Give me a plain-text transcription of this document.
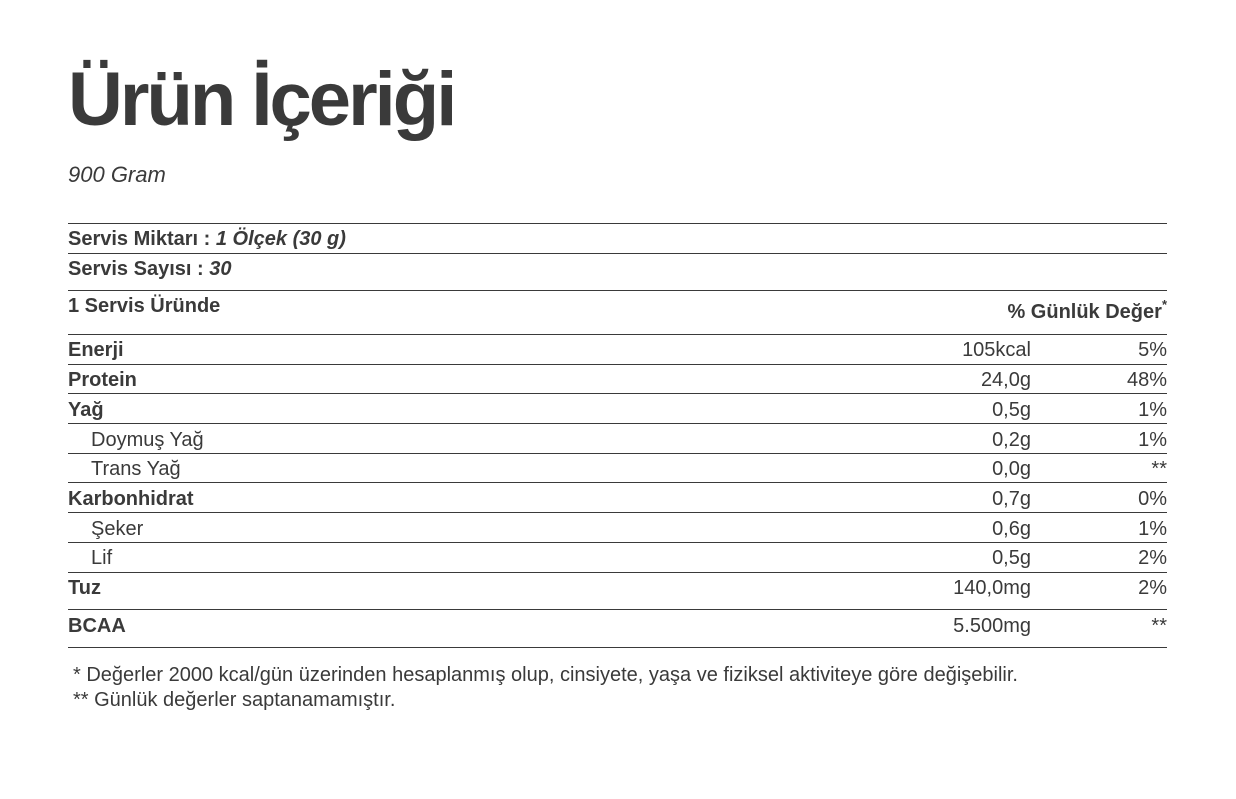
Ürün İçeriği
900 Gram
Servis Miktarı : 1 Ölçek (30 g)
Servis Sayısı : 30
1 Servis Üründe	% Günlük Değer*
Enerji	105kcal	5%
Protein	24,0g	48%
Yağ	0,5g	1%
Doymuş Yağ	0,2g	1%
Trans Yağ	0,0g	**
Karbonhidrat	0,7g	0%
Şeker	0,6g	1%
Lif	0,5g	2%
Tuz	140,0mg	2%
BCAA	5.500mg	**
* Değerler 2000 kcal/gün üzerinden hesaplanmış olup, cinsiyete, yaşa ve fiziksel aktiviteye göre değişebilir.
** Günlük değerler saptanamamıştır.
